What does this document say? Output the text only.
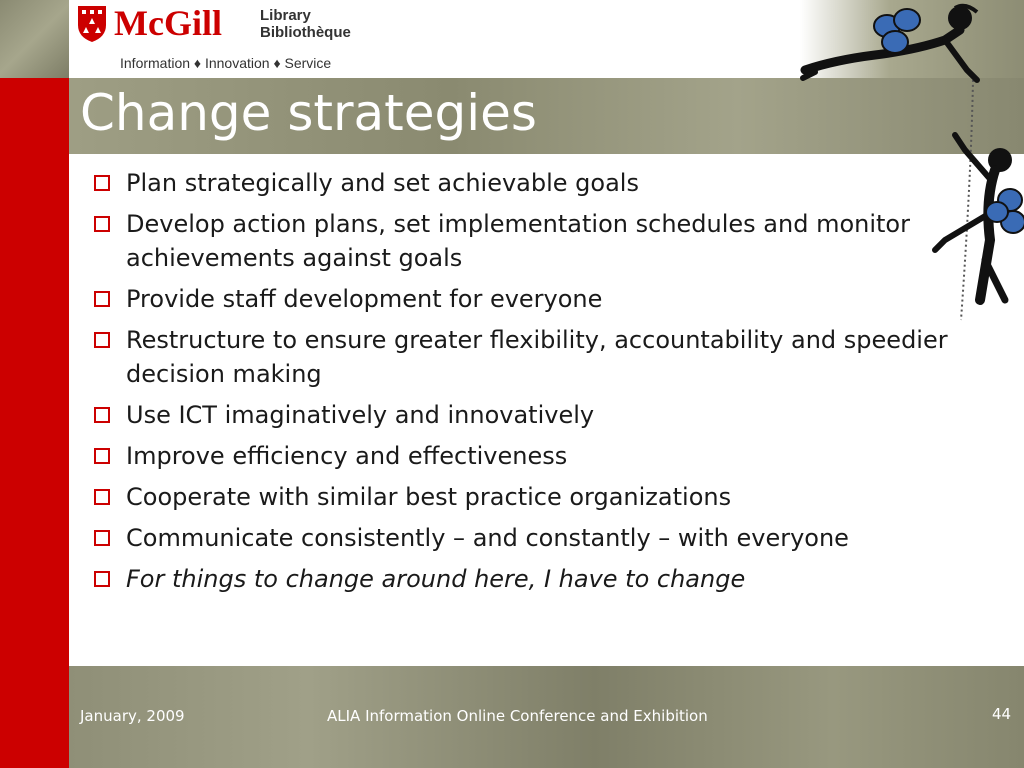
McGill	Library
Bibliothèque
Information ♦ Innovation ♦ Service
Change strategies
Plan strategically and set achievable goals
Develop action plans, set implementation schedules and monitor achievements against goals
Provide staff development for everyone
Restructure to ensure greater flexibility, accountability and speedier decision making
Use ICT imaginatively and innovatively
Improve efficiency and effectiveness
Cooperate with similar best practice organizations
Communicate consistently – and constantly – with everyone
For things to change around here, I have to change
January, 2009	ALIA Information Online Conference and Exhibition	44
